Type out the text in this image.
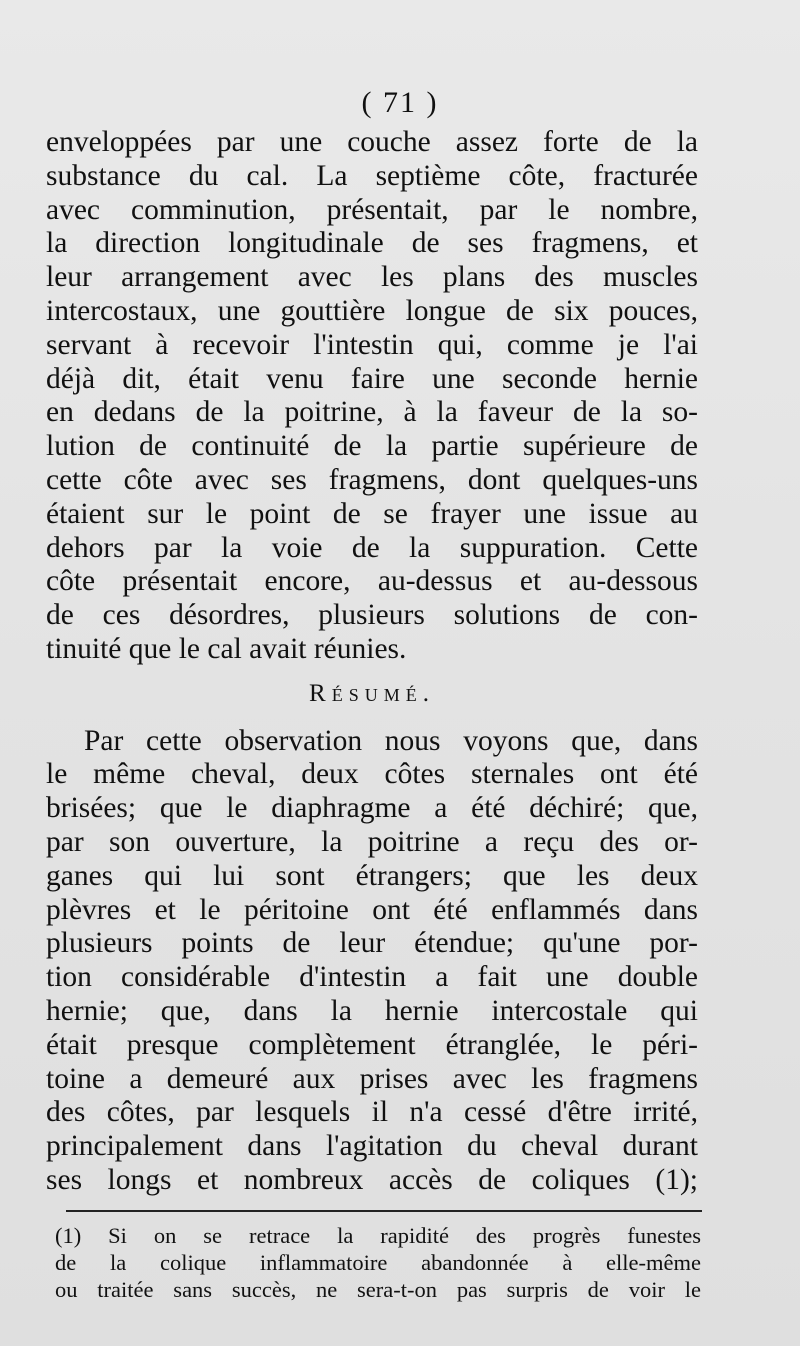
( 71 )
enveloppées par une couche assez forte de la
substance du cal. La septième côte, fracturée
avec comminution, présentait, par le nombre,
la direction longitudinale de ses fragmens, et
leur arrangement avec les plans des muscles
intercostaux, une gouttière longue de six pouces,
servant à recevoir l'intestin qui, comme je l'ai
déjà dit, était venu faire une seconde hernie
en dedans de la poitrine, à la faveur de la so-
lution de continuité de la partie supérieure de
cette côte avec ses fragmens, dont quelques-uns
étaient sur le point de se frayer une issue au
dehors par la voie de la suppuration. Cette
côte présentait encore, au-dessus et au-dessous
de ces désordres, plusieurs solutions de con-
tinuité que le cal avait réunies.
Résumé.
Par cette observation nous voyons que, dans
le même cheval, deux côtes sternales ont été
brisées; que le diaphragme a été déchiré; que,
par son ouverture, la poitrine a reçu des or-
ganes qui lui sont étrangers; que les deux
plèvres et le péritoine ont été enflammés dans
plusieurs points de leur étendue; qu'une por-
tion considérable d'intestin a fait une double
hernie; que, dans la hernie intercostale qui
était presque complètement étranglée, le péri-
toine a demeuré aux prises avec les fragmens
des côtes, par lesquels il n'a cessé d'être irrité,
principalement dans l'agitation du cheval durant
ses longs et nombreux accès de coliques (1);
(1) Si on se retrace la rapidité des progrès funestes
de la colique inflammatoire abandonnée à elle-même
ou traitée sans succès, ne sera-t-on pas surpris de voir le
